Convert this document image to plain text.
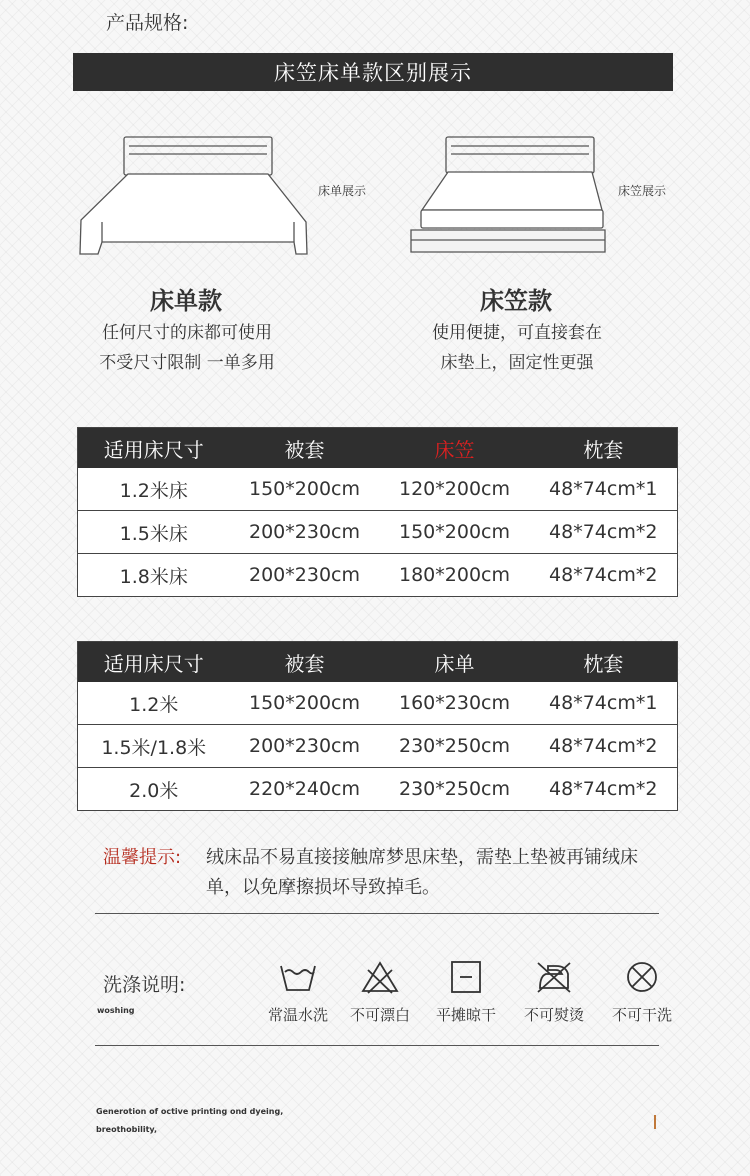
产品规格:
床笠床单款区别展示
床单展示	床笠展示
床单款
任何尺寸的床都可使用
不受尺寸限制 一单多用
床笠款
使用便捷，可直接套在
床垫上，固定性更强
适用床尺寸	被套	床笠	枕套
1.2米床	150*200cm	120*200cm	48*74cm*1
1.5米床	200*230cm	150*200cm	48*74cm*2
1.8米床	200*230cm	180*200cm	48*74cm*2
适用床尺寸	被套	床单	枕套
1.2米	150*200cm	160*230cm	48*74cm*1
1.5米/1.8米	200*230cm	230*250cm	48*74cm*2
2.0米	220*240cm	230*250cm	48*74cm*2
温馨提示: 绒床品不易直接接触席梦思床垫，需垫上垫被再铺绒床单，以免摩擦损坏导致掉毛。
洗涤说明:
woshing	常温水洗	不可漂白	平摊晾干	不可熨烫	不可干洗
Generotion of octive printing ond dyeing,
breothobility,
